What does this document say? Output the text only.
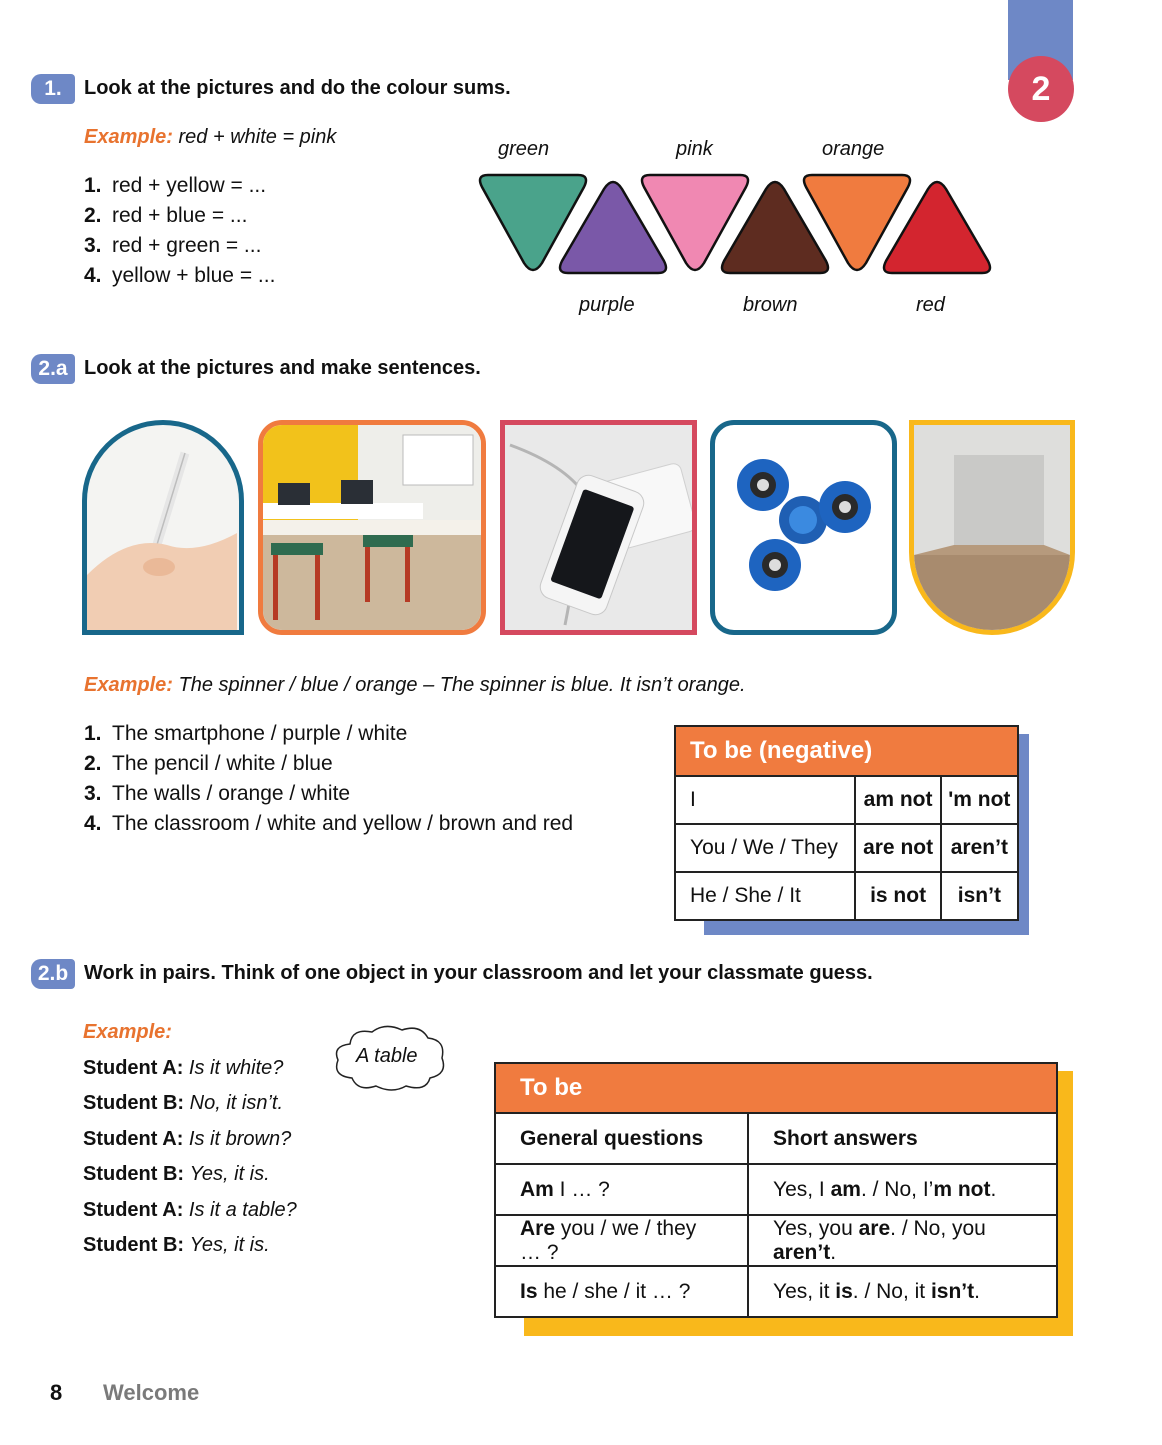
2
1.	Look at the pictures and do the colour sums.
Example: red + white = pink
1. red + yellow = ...
2. red + blue = ...
3. red + green = ...
4. yellow + blue = ...
green	pink	orange
purple	brown	red
2.a Look at the pictures and make sentences.
Example: The spinner / blue / orange – The spinner is blue. It isn’t orange.
1. The smartphone / purple / white
2. The pencil / white / blue
3. The walls / orange / white
4. The classroom / white and yellow / brown and red
To be (negative)		
I	am not	'm not
You / We / They	are not	aren’t
He / She / It	is not	isn’t
2.b Work in pairs. Think of one object in your classroom and let your classmate guess.
Example:
Student A: Is it white?
Student B: No, it isn’t.
Student A: Is it brown?
Student B: Yes, it is.
Student A: Is it a table?
Student B: Yes, it is.
A table
To be	
General questions	Short answers
Am I … ?	Yes, I am. / No, I’m not.
Are you / we / they … ?	Yes, you are. / No, you aren’t.
Is he / she / it … ?	Yes, it is. / No, it isn’t.
8 Welcome
